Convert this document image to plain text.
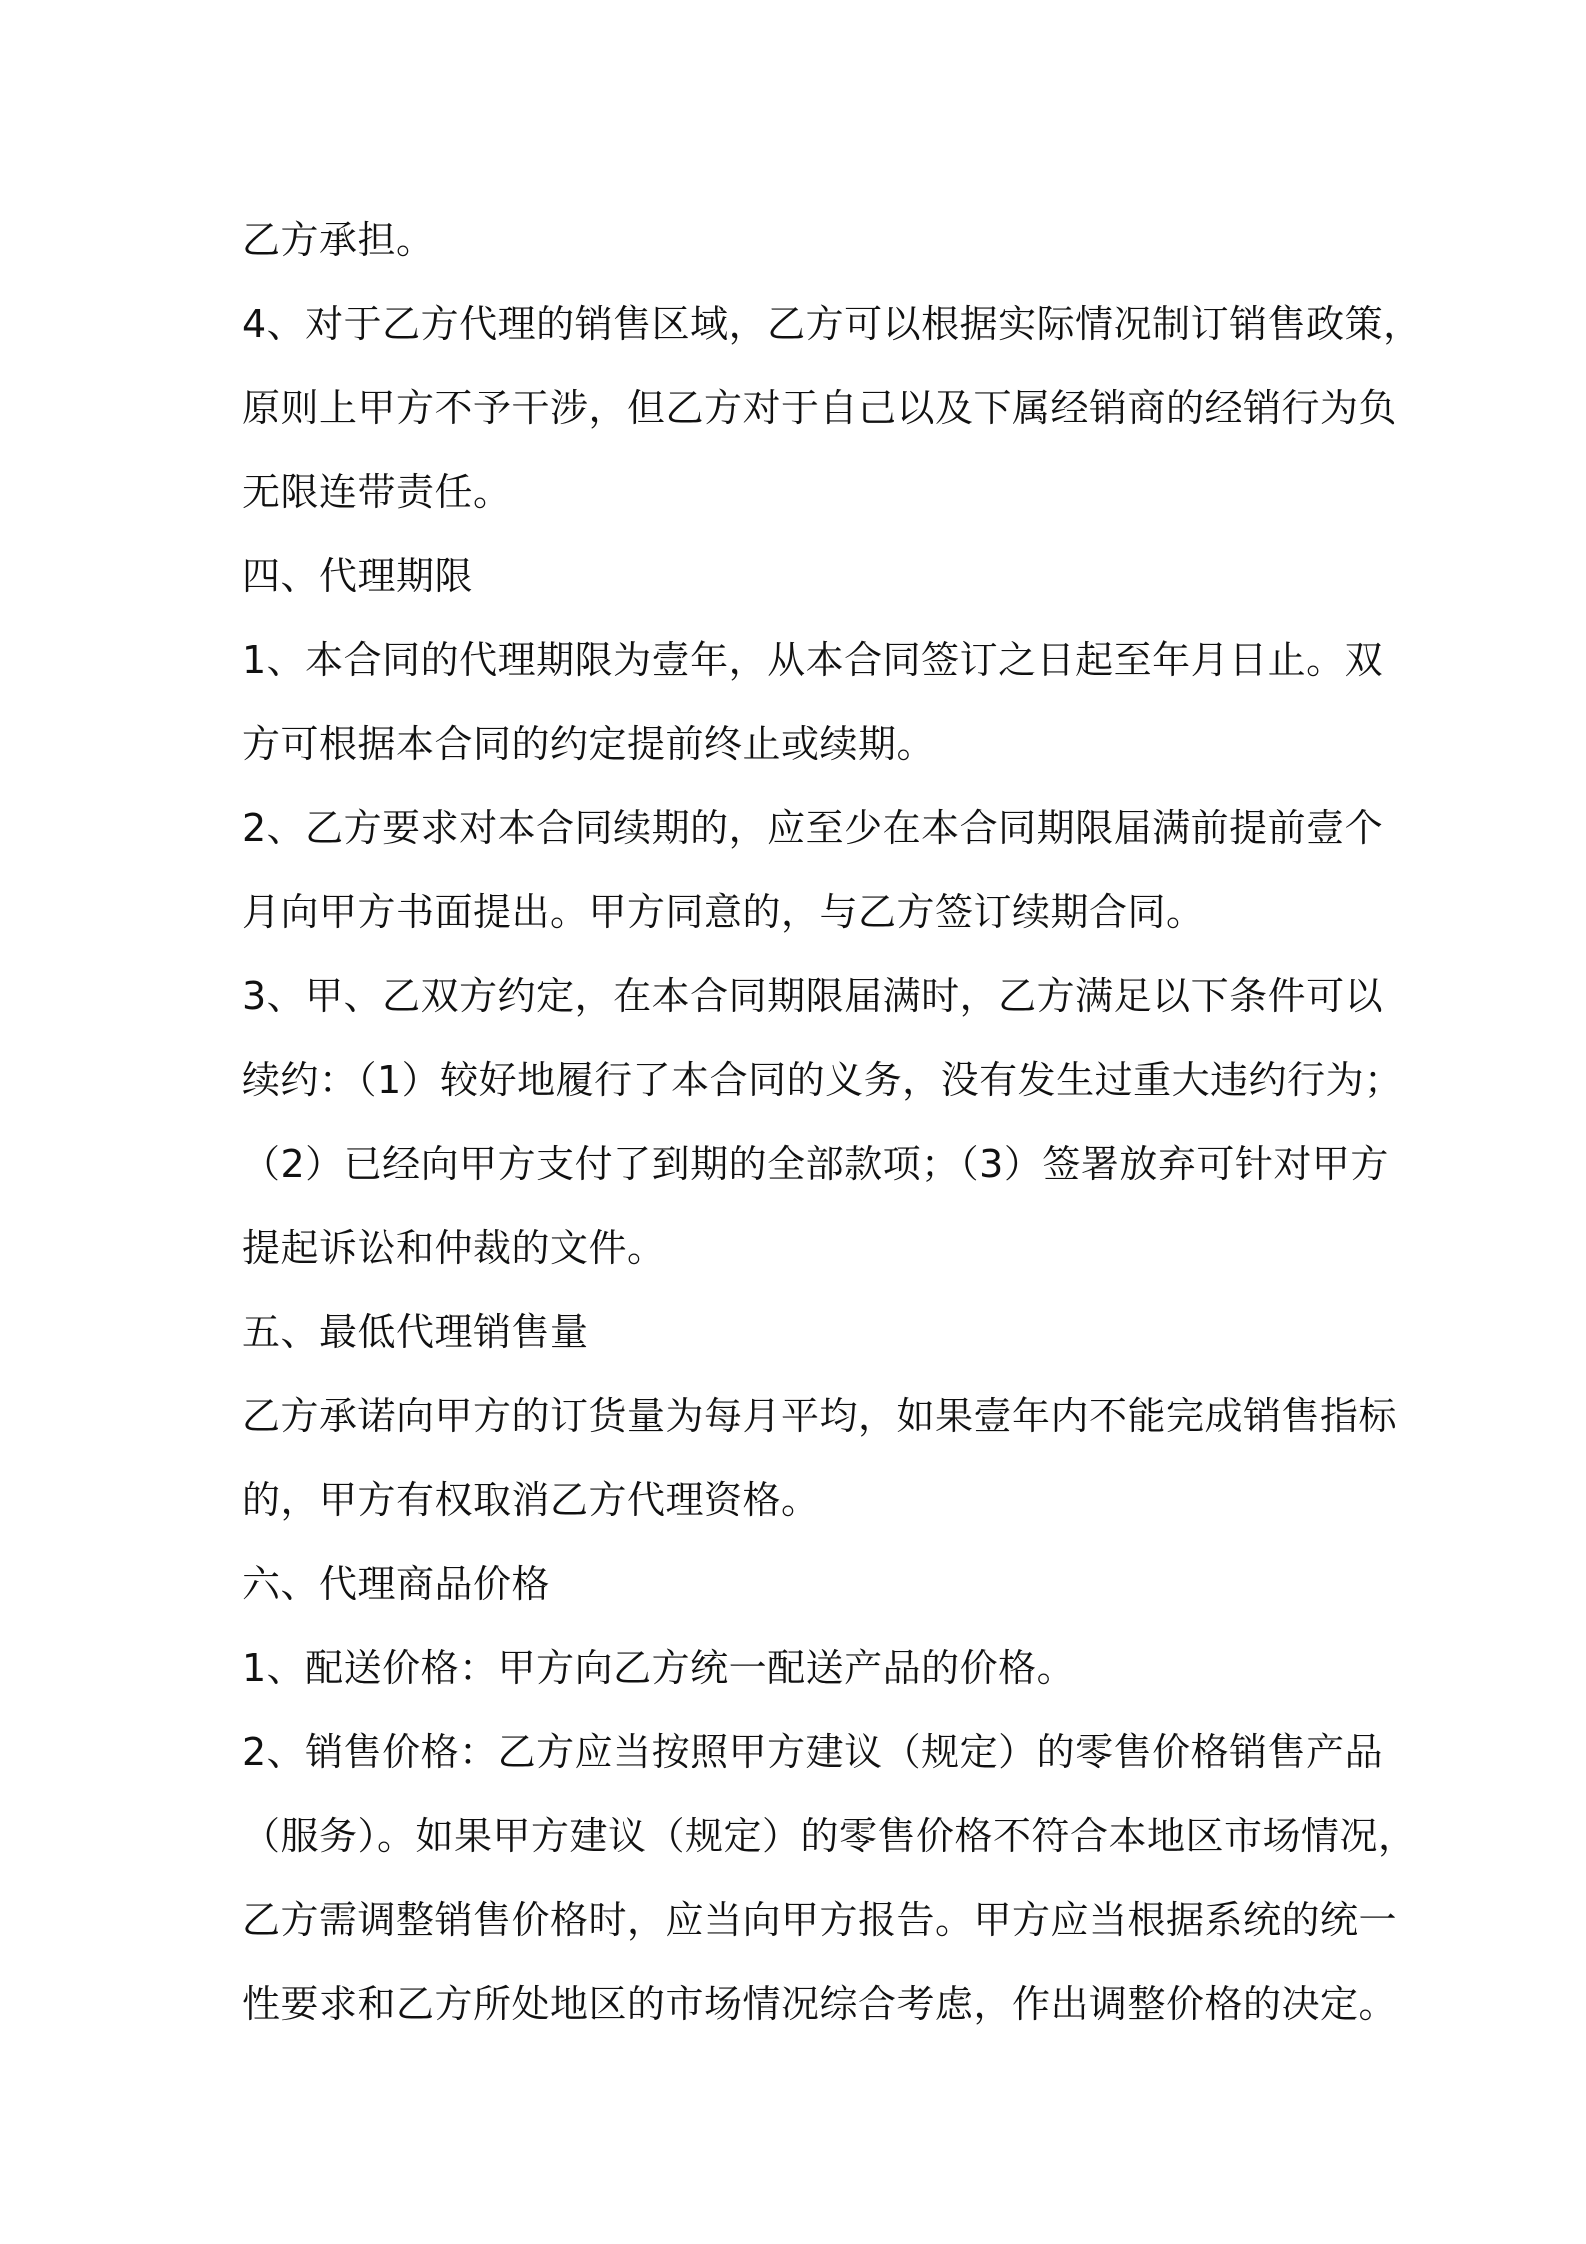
乙方承担。
4、对于乙方代理的销售区域，乙方可以根据实际情况制订销售政策，
原则上甲方不予干涉，但乙方对于自己以及下属经销商的经销行为负
无限连带责任。
四、代理期限
1、本合同的代理期限为壹年，从本合同签订之日起至年月日止。双
方可根据本合同的约定提前终止或续期。
2、乙方要求对本合同续期的，应至少在本合同期限届满前提前壹个
月向甲方书面提出。甲方同意的，与乙方签订续期合同。
3、甲、乙双方约定，在本合同期限届满时，乙方满足以下条件可以
续约：（1）较好地履行了本合同的义务，没有发生过重大违约行为；
（2）已经向甲方支付了到期的全部款项；（3）签署放弃可针对甲方
提起诉讼和仲裁的文件。
五、最低代理销售量
乙方承诺向甲方的订货量为每月平均，如果壹年内不能完成销售指标
的，甲方有权取消乙方代理资格。
六、代理商品价格
1、配送价格：甲方向乙方统一配送产品的价格。
2、销售价格：乙方应当按照甲方建议（规定）的零售价格销售产品
（服务）。如果甲方建议（规定）的零售价格不符合本地区市场情况，
乙方需调整销售价格时，应当向甲方报告。甲方应当根据系统的统一
性要求和乙方所处地区的市场情况综合考虑，作出调整价格的决定。
